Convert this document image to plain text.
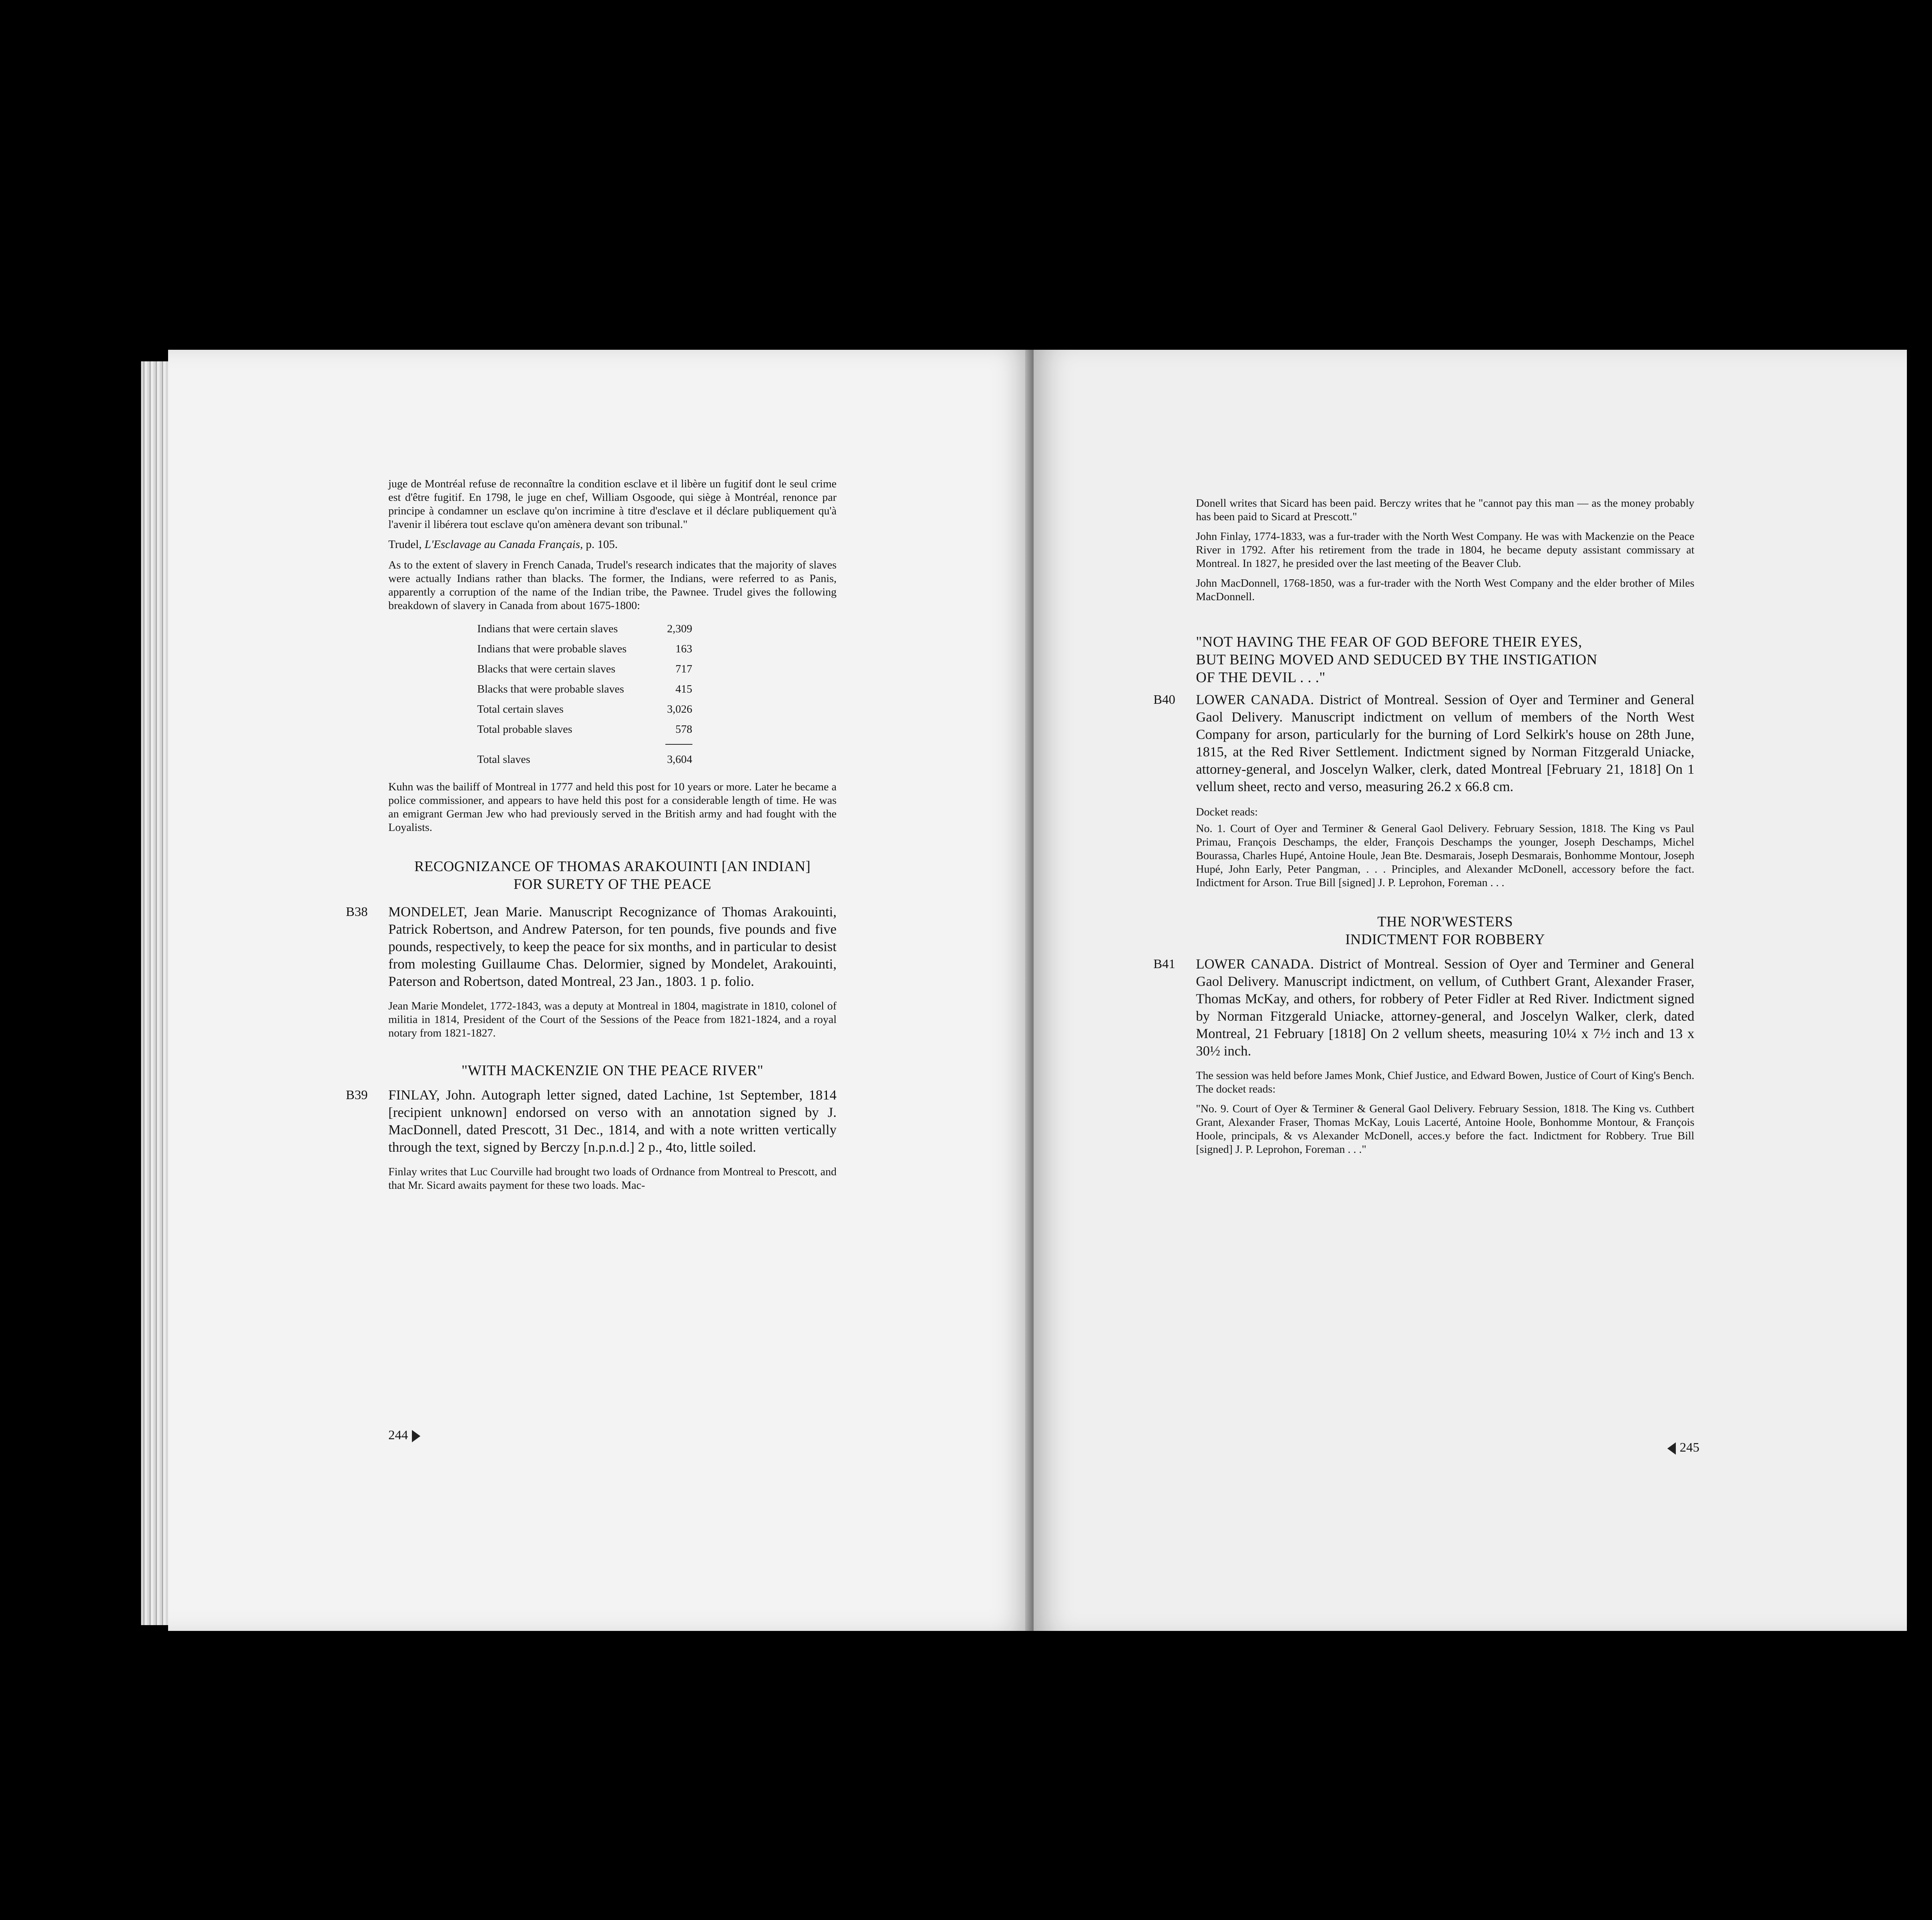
juge de Montréal refuse de reconnaître la condition esclave et il libère un fugitif dont le seul crime est d'être fugitif. En 1798, le juge en chef, William Osgoode, qui siège à Montréal, renonce par principe à condamner un esclave qu'on incrimine à titre d'esclave et il déclare publiquement qu'à l'avenir il libérera tout esclave qu'on amènera devant son tribunal."

Trudel, L'Esclavage au Canada Français, p. 105.

As to the extent of slavery in French Canada, Trudel's research indicates that the majority of slaves were actually Indians rather than blacks. The former, the Indians, were referred to as Panis, apparently a corruption of the name of the Indian tribe, the Pawnee. Trudel gives the following breakdown of slavery in Canada from about 1675-1800:

Indians that were certain slaves	2,309
Indians that were probable slaves	163
Blacks that were certain slaves	717
Blacks that were probable slaves	415
Total certain slaves	3,026
Total probable slaves	578
Total slaves	3,604

Kuhn was the bailiff of Montreal in 1777 and held this post for 10 years or more. Later he became a police commissioner, and appears to have held this post for a considerable length of time. He was an emigrant German Jew who had previously served in the British army and had fought with the Loyalists.

RECOGNIZANCE OF THOMAS ARAKOUINTI [AN INDIAN]
FOR SURETY OF THE PEACE

B38	MONDELET, Jean Marie. Manuscript Recognizance of Thomas Arakouinti, Patrick Robertson, and Andrew Paterson, for ten pounds, five pounds and five pounds, respectively, to keep the peace for six months, and in particular to desist from molesting Guillaume Chas. Delormier, signed by Mondelet, Arakouinti, Paterson and Robertson, dated Montreal, 23 Jan., 1803. 1 p. folio.

Jean Marie Mondelet, 1772-1843, was a deputy at Montreal in 1804, magistrate in 1810, colonel of militia in 1814, President of the Court of the Sessions of the Peace from 1821-1824, and a royal notary from 1821-1827.

"WITH MACKENZIE ON THE PEACE RIVER"

B39	FINLAY, John. Autograph letter signed, dated Lachine, 1st September, 1814 [recipient unknown] endorsed on verso with an annotation signed by J. MacDonnell, dated Prescott, 31 Dec., 1814, and with a note written vertically through the text, signed by Berczy [n.p.n.d.] 2 p., 4to, little soiled.

Finlay writes that Luc Courville had brought two loads of Ordnance from Montreal to Prescott, and that Mr. Sicard awaits payment for these two loads. Mac-

244

Donell writes that Sicard has been paid. Berczy writes that he "cannot pay this man — as the money probably has been paid to Sicard at Prescott."

John Finlay, 1774-1833, was a fur-trader with the North West Company. He was with Mackenzie on the Peace River in 1792. After his retirement from the trade in 1804, he became deputy assistant commissary at Montreal. In 1827, he presided over the last meeting of the Beaver Club.

John MacDonnell, 1768-1850, was a fur-trader with the North West Company and the elder brother of Miles MacDonnell.

"NOT HAVING THE FEAR OF GOD BEFORE THEIR EYES,
BUT BEING MOVED AND SEDUCED BY THE INSTIGATION
OF THE DEVIL . . ."

B40	LOWER CANADA. District of Montreal. Session of Oyer and Terminer and General Gaol Delivery. Manuscript indictment on vellum of members of the North West Company for arson, particularly for the burning of Lord Selkirk's house on 28th June, 1815, at the Red River Settlement. Indictment signed by Norman Fitzgerald Uniacke, attorney-general, and Joscelyn Walker, clerk, dated Montreal [February 21, 1818] On 1 vellum sheet, recto and verso, measuring 26.2 x 66.8 cm.

Docket reads:

No. 1. Court of Oyer and Terminer & General Gaol Delivery. February Session, 1818. The King vs Paul Primau, François Deschamps, the elder, François Deschamps the younger, Joseph Deschamps, Michel Bourassa, Charles Hupé, Antoine Houle, Jean Bte. Desmarais, Joseph Desmarais, Bonhomme Montour, Joseph Hupé, John Early, Peter Pangman, . . . Principles, and Alexander McDonell, accessory before the fact. Indictment for Arson. True Bill [signed] J. P. Leprohon, Foreman . . .

THE NOR'WESTERS
INDICTMENT FOR ROBBERY

B41	LOWER CANADA. District of Montreal. Session of Oyer and Terminer and General Gaol Delivery. Manuscript indictment, on vellum, of Cuthbert Grant, Alexander Fraser, Thomas McKay, and others, for robbery of Peter Fidler at Red River. Indictment signed by Norman Fitzgerald Uniacke, attorney-general, and Joscelyn Walker, clerk, dated Montreal, 21 February [1818] On 2 vellum sheets, measuring 10¼ x 7½ inch and 13 x 30½ inch.

The session was held before James Monk, Chief Justice, and Edward Bowen, Justice of Court of King's Bench. The docket reads:

"No. 9. Court of Oyer & Terminer & General Gaol Delivery. February Session, 1818. The King vs. Cuthbert Grant, Alexander Fraser, Thomas McKay, Louis Lacerté, Antoine Hoole, Bonhomme Montour, & François Hoole, principals, & vs Alexander McDonell, acces.y before the fact. Indictment for Robbery. True Bill [signed] J. P. Leprohon, Foreman . . ."

245
